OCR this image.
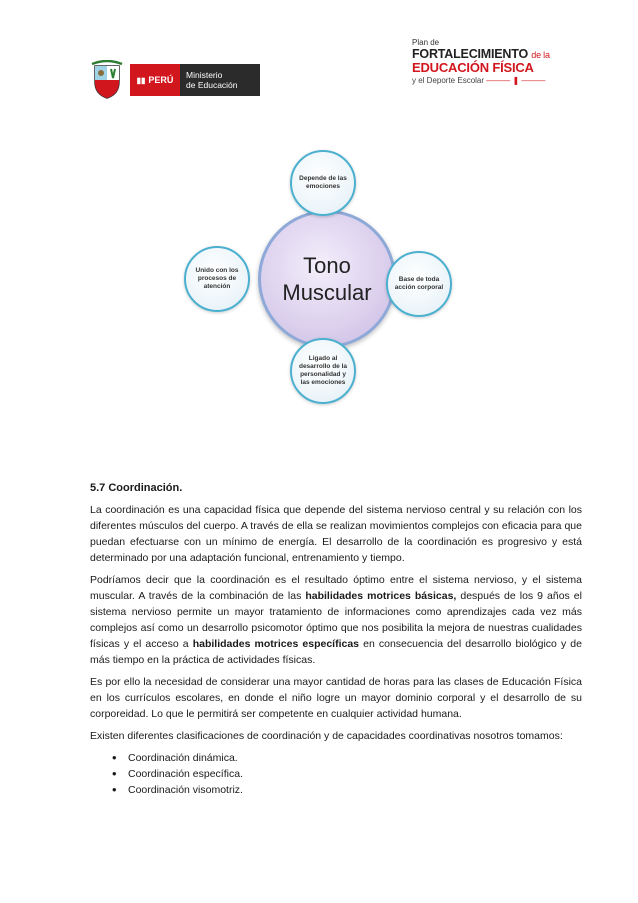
▮▮ PERÚ Ministerio
de Educación
Plan de
FORTALECIMIENTO de la
EDUCACIÓN FÍSICA
y el Deporte Escolar ——— ❚ ———
Tono Muscular
Depende de las emociones
Base de toda acción corporal
Ligado al desarrollo de la personalidad y las emociones
Unido con los procesos de atención

5.7 Coordinación.

La coordinación es una capacidad física que depende del sistema nervioso central y su relación con los diferentes músculos del cuerpo. A través de ella se realizan movimientos complejos con eficacia para que puedan efectuarse con un mínimo de energía. El desarrollo de la coordinación es progresivo y está determinado por una adaptación funcional, entrenamiento y tiempo.

Podríamos decir que la coordinación es el resultado óptimo entre el sistema nervioso, y el sistema muscular. A través de la combinación de las habilidades motrices básicas, después de los 9 años el sistema nervioso permite un mayor tratamiento de informaciones como aprendizajes cada vez más complejos así como un desarrollo psicomotor óptimo que nos posibilita la mejora de nuestras cualidades físicas y el acceso a habilidades motrices específicas en consecuencia del desarrollo biológico y de más tiempo en la práctica de actividades físicas.

Es por ello la necesidad de considerar una mayor cantidad de horas para las clases de Educación Física en los currículos escolares, en donde el niño logre un mayor dominio corporal y el desarrollo de su corporeidad. Lo que le permitirá ser competente en cualquier actividad humana.

Existen diferentes clasificaciones de coordinación y de capacidades coordinativas nosotros tomamos:

• Coordinación dinámica.
• Coordinación específica.
• Coordinación visomotriz.
